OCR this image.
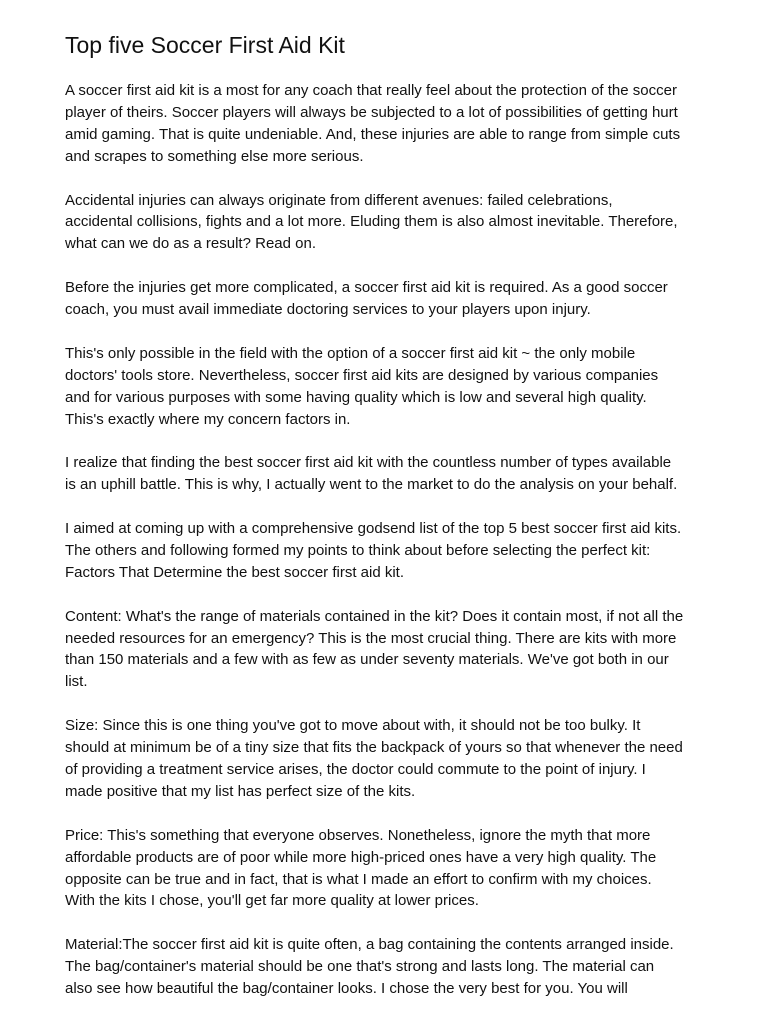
Top five Soccer First Aid Kit

A soccer first aid kit is a most for any coach that really feel about the protection of the soccer
player of theirs. Soccer players will always be subjected to a lot of possibilities of getting hurt
amid gaming. That is quite undeniable. And, these injuries are able to range from simple cuts
and scrapes to something else more serious.

Accidental injuries can always originate from different avenues: failed celebrations,
accidental collisions, fights and a lot more. Eluding them is also almost inevitable. Therefore,
what can we do as a result? Read on.

Before the injuries get more complicated, a soccer first aid kit is required. As a good soccer
coach, you must avail immediate doctoring services to your players upon injury.

This's only possible in the field with the option of a soccer first aid kit ~ the only mobile
doctors' tools store. Nevertheless, soccer first aid kits are designed by various companies
and for various purposes with some having quality which is low and several high quality.
This's exactly where my concern factors in.

I realize that finding the best soccer first aid kit with the countless number of types available
is an uphill battle. This is why, I actually went to the market to do the analysis on your behalf.

I aimed at coming up with a comprehensive godsend list of the top 5 best soccer first aid kits.
The others and following formed my points to think about before selecting the perfect kit:
Factors That Determine the best soccer first aid kit.

Content: What's the range of materials contained in the kit? Does it contain most, if not all the
needed resources for an emergency? This is the most crucial thing. There are kits with more
than 150 materials and a few with as few as under seventy materials. We've got both in our
list.

Size: Since this is one thing you've got to move about with, it should not be too bulky. It
should at minimum be of a tiny size that fits the backpack of yours so that whenever the need
of providing a treatment service arises, the doctor could commute to the point of injury. I
made positive that my list has perfect size of the kits.

Price: This's something that everyone observes. Nonetheless, ignore the myth that more
affordable products are of poor while more high-priced ones have a very high quality. The
opposite can be true and in fact, that is what I made an effort to confirm with my choices.
With the kits I chose, you'll get far more quality at lower prices.

Material:The soccer first aid kit is quite often, a bag containing the contents arranged inside.
The bag/container's material should be one that's strong and lasts long. The material can
also see how beautiful the bag/container looks. I chose the very best for you. You will
